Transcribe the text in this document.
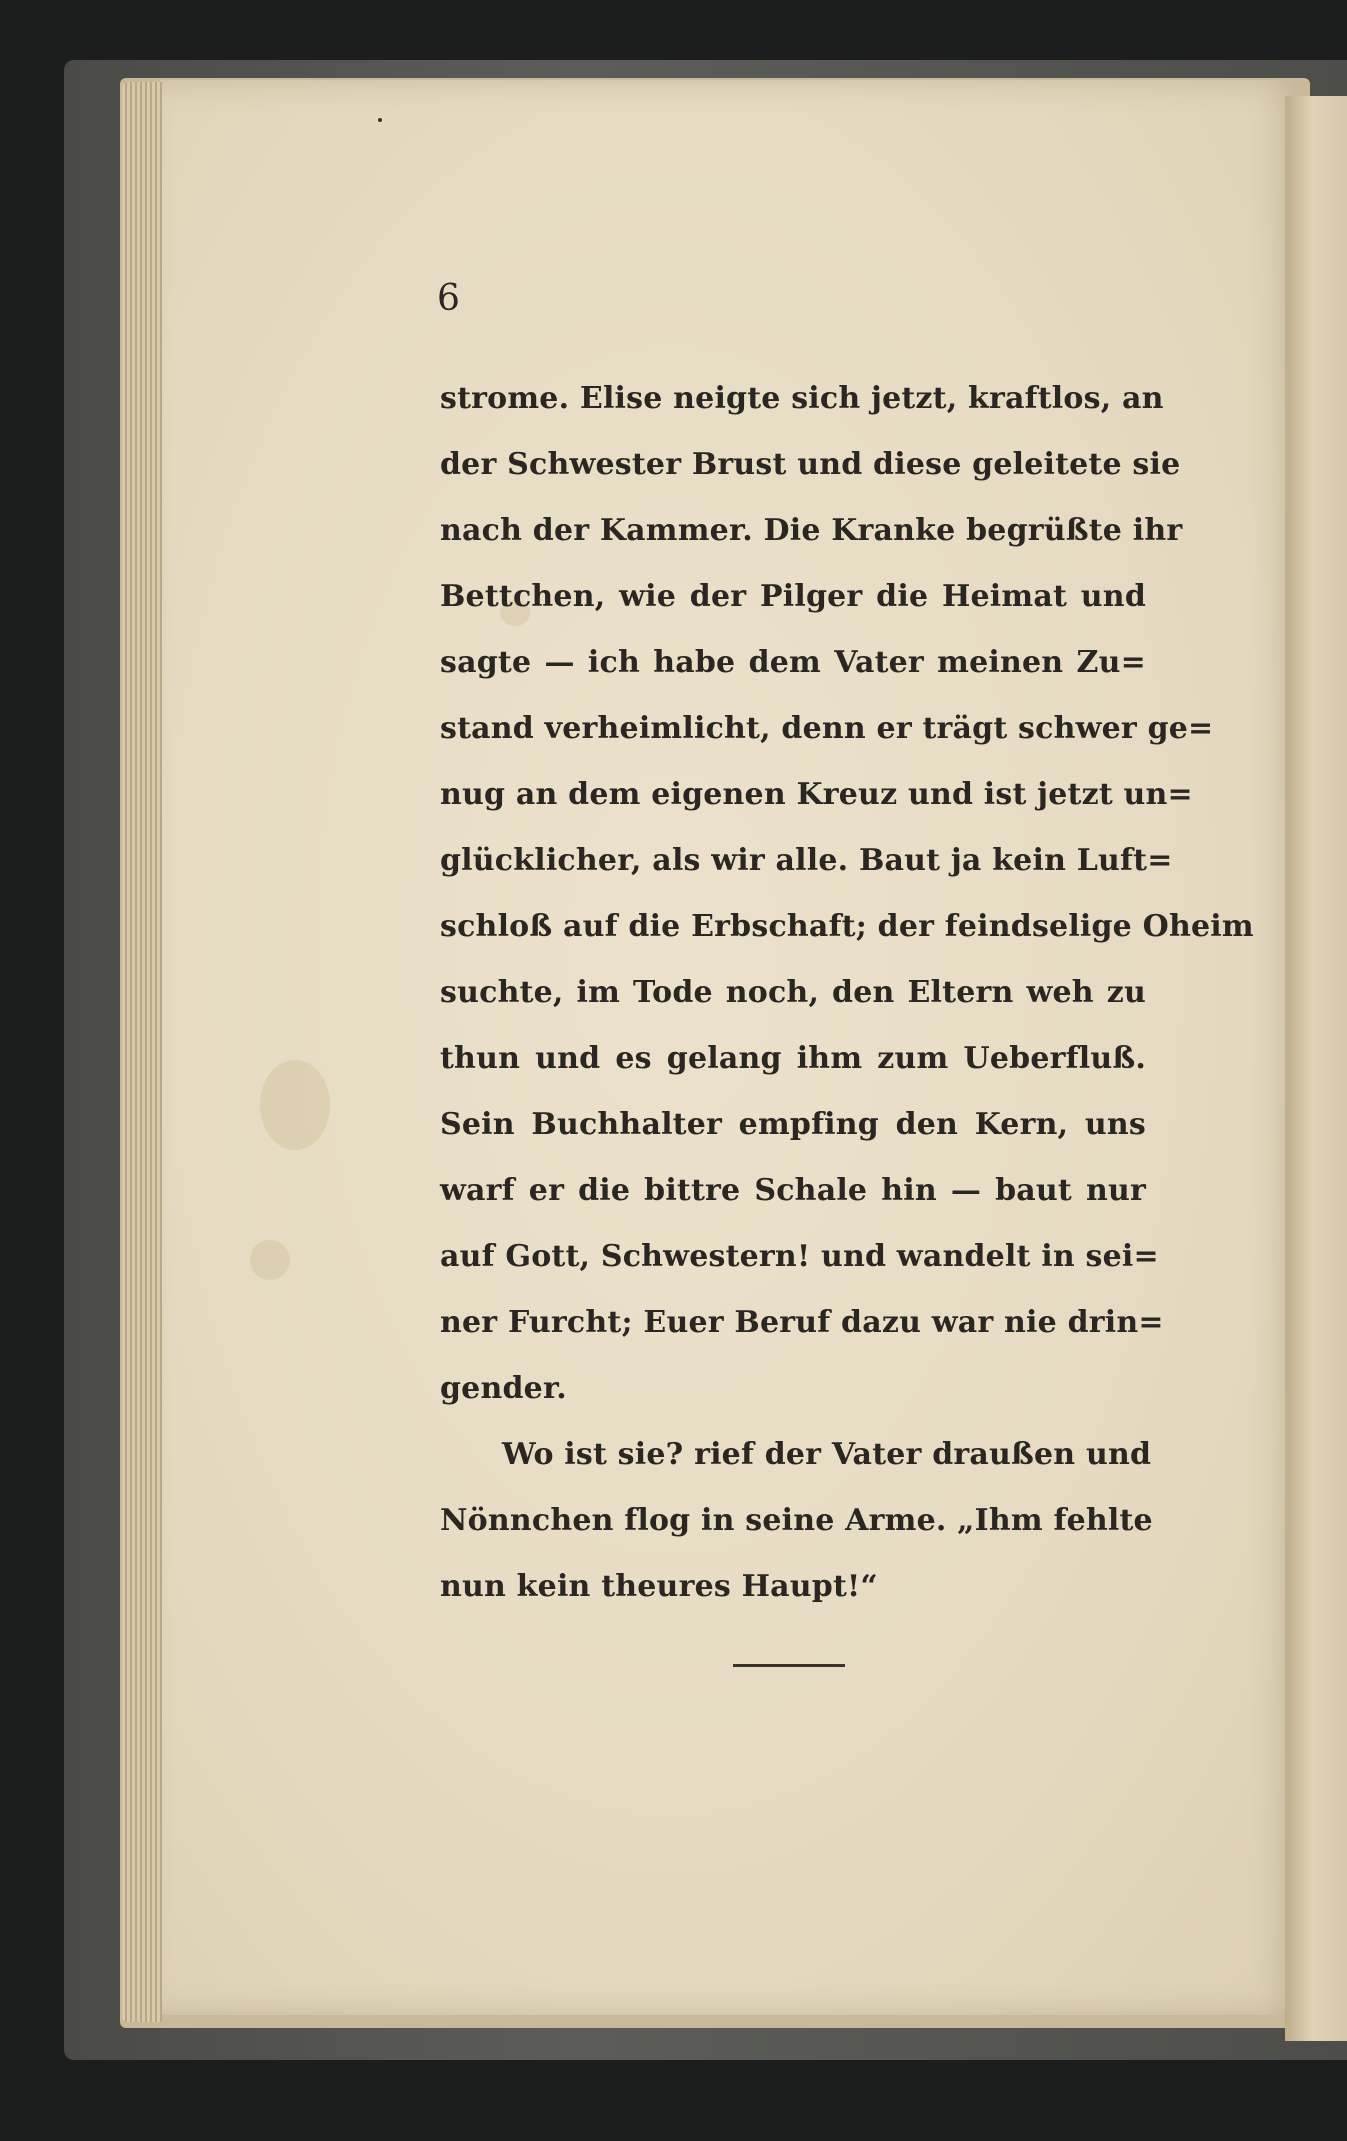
6
strome. Elise neigte sich jetzt, kraftlos, an
der Schwester Brust und diese geleitete sie
nach der Kammer. Die Kranke begrüßte ihr
Bettchen, wie der Pilger die Heimat und
sagte — ich habe dem Vater meinen Zu=
stand verheimlicht, denn er trägt schwer ge=
nug an dem eigenen Kreuz und ist jetzt un=
glücklicher, als wir alle. Baut ja kein Luft=
schloß auf die Erbschaft; der feindselige Oheim
suchte, im Tode noch, den Eltern weh zu
thun und es gelang ihm zum Ueberfluß.
Sein Buchhalter empfing den Kern, uns
warf er die bittre Schale hin — baut nur
auf Gott, Schwestern! und wandelt in sei=
ner Furcht; Euer Beruf dazu war nie drin=
gender.
Wo ist sie? rief der Vater draußen und
Nönnchen flog in seine Arme. „Ihm fehlte
nun kein theures Haupt!“
